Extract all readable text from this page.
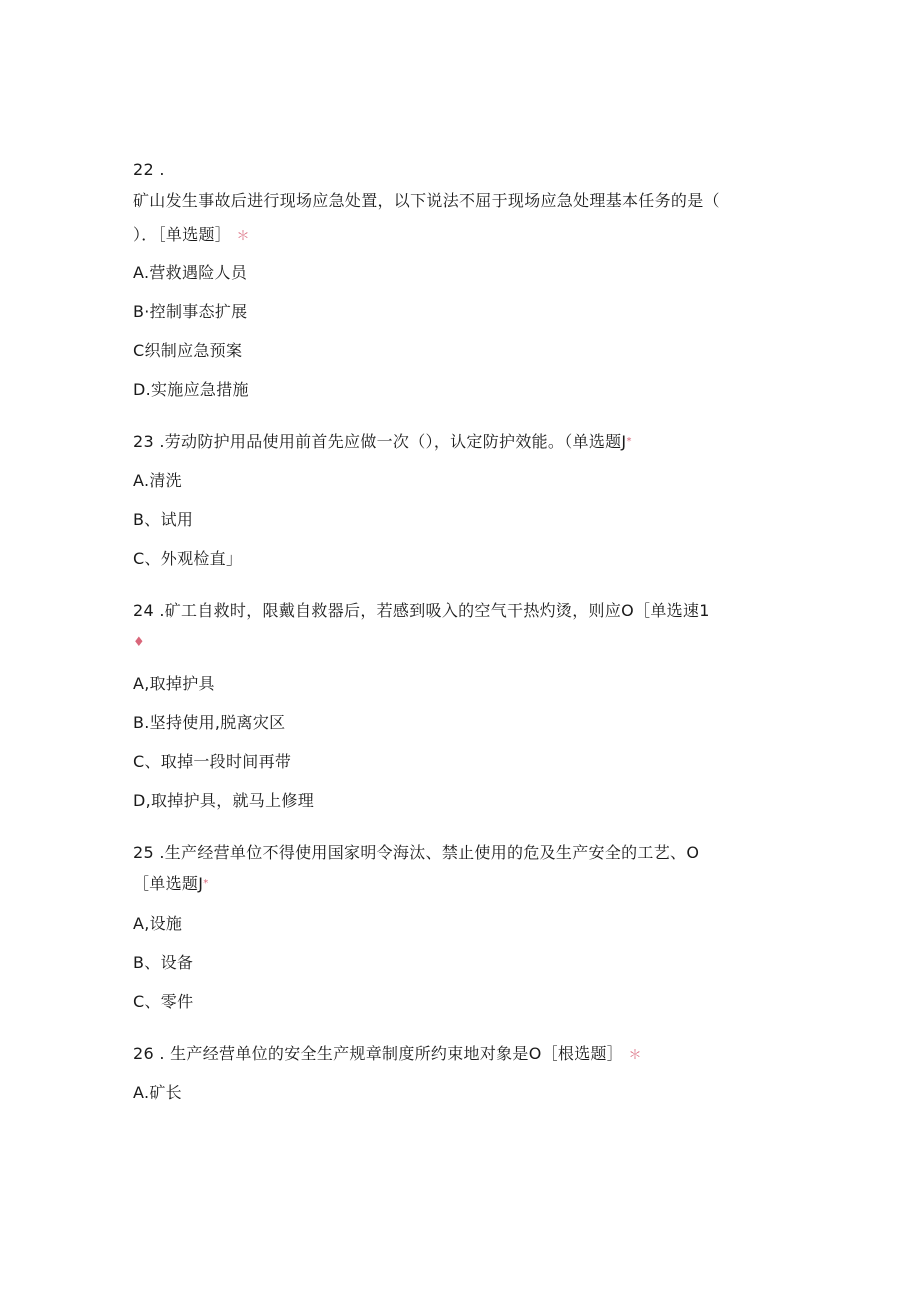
22 .
矿山发生事故后进行现场应急处置，以下说法不屈于现场应急处理基本任务的是（
）．［单选题］ ＊
A.营救遇险人员
B·控制事态扩展
C织制应急预案
D.实施应急措施
23 .劳动防护用品使用前首先应做一次（），认定防护效能。（单选题J*
A.清洗
B、试用
C、外观检直」
24 .矿工自救时，限戴自救器后，若感到吸入的空气干热灼烫，则应O［单选速1
♦
A,取掉护具
B.坚持使用,脱离灾区
C、取掉一段时间再带
D,取掉护具，就马上修理
25 .生产经营单位不得使用国家明令海汰、禁止使用的危及生产安全的工艺、O
［单选题J*
A,设施
B、设备
C、零件
26 . 生产经营单位的安全生产规章制度所约束地对象是O［根选题］ ＊
A.矿长
